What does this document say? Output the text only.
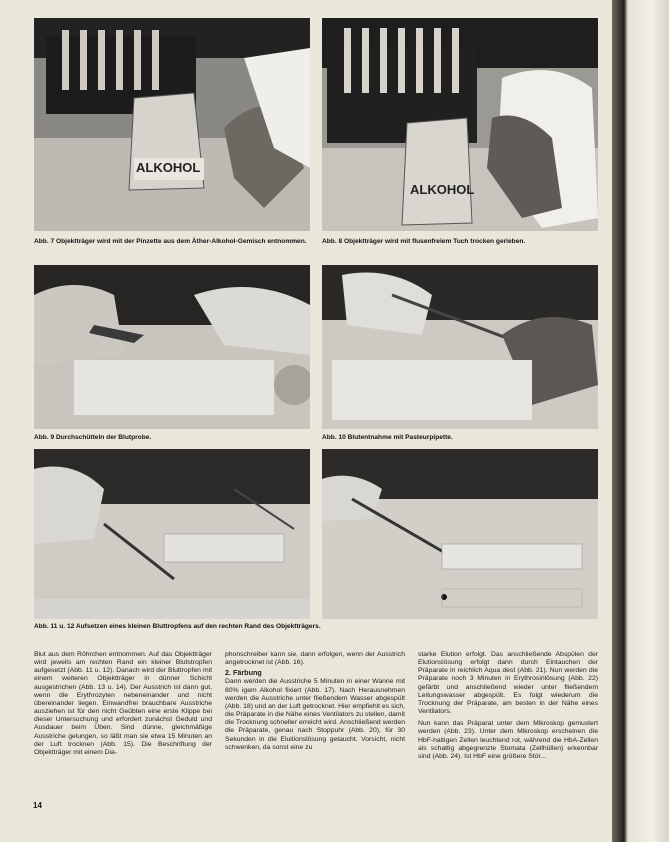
ALKOHOL
Abb. 7 Objektträger wird mit der Pinzette aus dem Äther-Alkohol-Gemisch entnommen.
ALKOHOL
Abb. 8 Objektträger wird mit flusenfreiem Tuch trocken gerieben.
Abb. 9 Durchschütteln der Blutprobe.	Abb. 10 Blutentnahme mit Pasteurpipette.
Abb. 11 u. 12 Aufsetzen eines kleinen Bluttropfens auf den rechten Rand des Objektträgers.

Blut aus dem Röhrchen entnommen. Auf das Objektträger wird jeweils am rechten Rand ein kleiner Blutstropfen aufgesetzt (Abb. 11 u. 12). Danach wird der Bluttropfen mit einem weiteren Objektträger in dünner Schicht ausgestrichen (Abb. 13 u. 14). Der Ausstrich ist dann gut, wenn die Erythrozyten nebeneinander und nicht übereinander liegen. Einwandfrei brauchbare Ausstriche ausziehen ist für den nicht Geübten eine erste Klippe bei dieser Untersuchung und erfordert zunächst Geduld und Ausdauer beim Üben. Sind dünne, gleichmäßige Ausstriche gelungen, so läßt man sie etwa 15 Minuten an der Luft trocknen (Abb. 15). Die Beschriftung der Objektträger mit einem Dia-

phonschreiber kann sie, dann erfolgen, wenn der Ausstrich angetrocknet ist (Abb. 16).

2. Färbung

Dann werden die Ausstriche 5 Minuten in einer Wanne mit 80% igem Alkohol fixiert (Abb. 17). Nach Herausnehmen werden die Ausstriche unter fließendem Wasser abgespült (Abb. 18) und an der Luft getrocknet. Hier empfiehlt es sich, die Präparate in die Nähe eines Ventilators zu stellen, damit die Trocknung schneller erreicht wird. Anschließend werden die Präparate, genau nach Stoppuhr (Abb. 20), für 30 Sekunden in die Eluitionslösung getaucht. Vorsicht, nicht schwenken, da sonst eine zu

starke Elution erfolgt. Das anschließende Abspülen der Elutionslösung erfolgt dann durch Eintauchen der Präparate in reichlich Aqua dest (Abb. 21). Nun werden die Präparate noch 3 Minuten in Erythrosinlösung (Abb. 22) gefärbt und anschließend wieder unter fließendem Leitungswasser abgespült. Es folgt wiederum die Trocknung der Präparate, am besten in der Nähe eines Ventilators.

Nun kann das Präparat unter dem Mikroskop gemustert werden (Abb. 23). Unter dem Mikroskop erscheinen die HbF-haltigen Zellen leuchtend rot, während die HbA-Zellen als schattig abgegrenzte Stomata (Zellhüllen) erkennbar sind (Abb. 24). Ist HbF eine größere Stör...

14
